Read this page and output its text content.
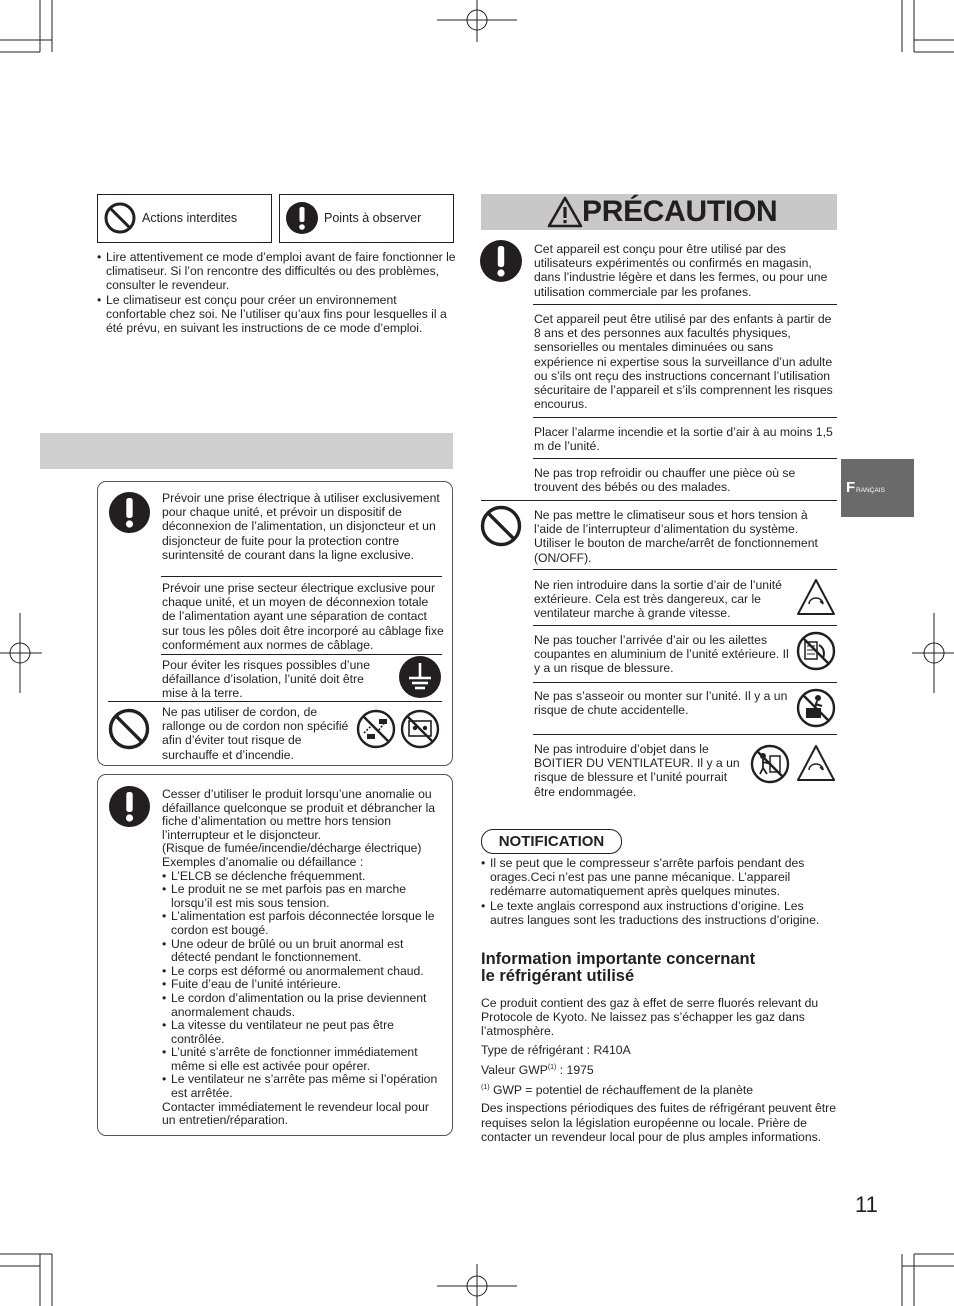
Actions interdites	Points à observer
• Lire attentivement ce mode d’emploi avant de faire fonctionner le climatiseur. Si l’on rencontre des difficultés ou des problèmes, consulter le revendeur.
• Le climatiseur est conçu pour créer un environnement confortable chez soi. Ne l’utiliser qu’aux fins pour lesquelles il a été prévu, en suivant les instructions de ce mode d’emploi.
Prévoir une prise électrique à utiliser exclusivement pour chaque unité, et prévoir un dispositif de déconnexion de l’alimentation, un disjoncteur et un disjoncteur de fuite pour la protection contre surintensité de courant dans la ligne exclusive.
Prévoir une prise secteur électrique exclusive pour chaque unité, et un moyen de déconnexion totale de l’alimentation ayant une séparation de contact sur tous les pôles doit être incorporé au câblage fixe conformément aux normes de câblage.
Pour éviter les risques possibles d’une défaillance d’isolation, l’unité doit être mise à la terre.
Ne pas utiliser de cordon, de rallonge ou de cordon non spécifié afin d’éviter tout risque de surchauffe et d’incendie.
Cesser d’utiliser le produit lorsqu’une anomalie ou défaillance quelconque se produit et débrancher la fiche d’alimentation ou mettre hors tension l’interrupteur et le disjoncteur.
(Risque de fumée/incendie/décharge électrique)
Exemples d’anomalie ou défaillance :
• L’ELCB se déclenche fréquemment.
• Le produit ne se met parfois pas en marche lorsqu’il est mis sous tension.
• L’alimentation est parfois déconnectée lorsque le cordon est bougé.
• Une odeur de brûlé ou un bruit anormal est détecté pendant le fonctionnement.
• Le corps est déformé ou anormalement chaud.
• Fuite d’eau de l’unité intérieure.
• Le cordon d’alimentation ou la prise deviennent anormalement chauds.
• La vitesse du ventilateur ne peut pas être contrôlée.
• L’unité s’arrête de fonctionner immédiatement même si elle est activée pour opérer.
• Le ventilateur ne s’arrête pas même si l’opération est arrêtée.
Contacter immédiatement le revendeur local pour un entretien/réparation.
PRÉCAUTION
Cet appareil est conçu pour être utilisé par des utilisateurs expérimentés ou confirmés en magasin, dans l’industrie légère et dans les fermes, ou pour une utilisation commerciale par les profanes.
Cet appareil peut être utilisé par des enfants à partir de 8 ans et des personnes aux facultés physiques, sensorielles ou mentales diminuées ou sans expérience ni expertise sous la surveillance d’un adulte ou s’ils ont reçu des instructions concernant l’utilisation sécuritaire de l’appareil et s’ils comprennent les risques encourus.
Placer l’alarme incendie et la sortie d’air à au moins 1,5 m de l’unité.
Ne pas trop refroidir ou chauffer une pièce où se trouvent des bébés ou des malades.
Ne pas mettre le climatiseur sous et hors tension à l’aide de l’interrupteur d’alimentation du système. Utiliser le bouton de marche/arrêt de fonctionnement (ON/OFF).
Ne rien introduire dans la sortie d’air de l’unité extérieure. Cela est très dangereux, car le ventilateur marche à grande vitesse.
Ne pas toucher l’arrivée d’air ou les ailettes coupantes en aluminium de l’unité extérieure. Il y a un risque de blessure.
Ne pas s’asseoir ou monter sur l’unité. Il y a un risque de chute accidentelle.
Ne pas introduire d’objet dans le BOITIER DU VENTILATEUR. Il y a un risque de blessure et l’unité pourrait être endommagée.
NOTIFICATION
• Il se peut que le compresseur s’arrête parfois pendant des orages.Ceci n’est pas une panne mécanique. L’appareil redémarre automatiquement après quelques minutes.
• Le texte anglais correspond aux instructions d’origine. Les autres langues sont les traductions des instructions d’origine.
Information importante concernant
le réfrigérant utilisé
Ce produit contient des gaz à effet de serre fluorés relevant du Protocole de Kyoto. Ne laissez pas s’échapper les gaz dans l’atmosphère.
Type de réfrigérant : R410A
Valeur GWP$^{(1)}$ : 1975
$^{(1)}$ GWP = potentiel de réchauffement de la planète
Des inspections périodiques des fuites de réfrigérant peuvent être requises selon la législation européenne ou locale. Prière de contacter un revendeur local pour de plus amples informations.
F RANÇAIS
11
